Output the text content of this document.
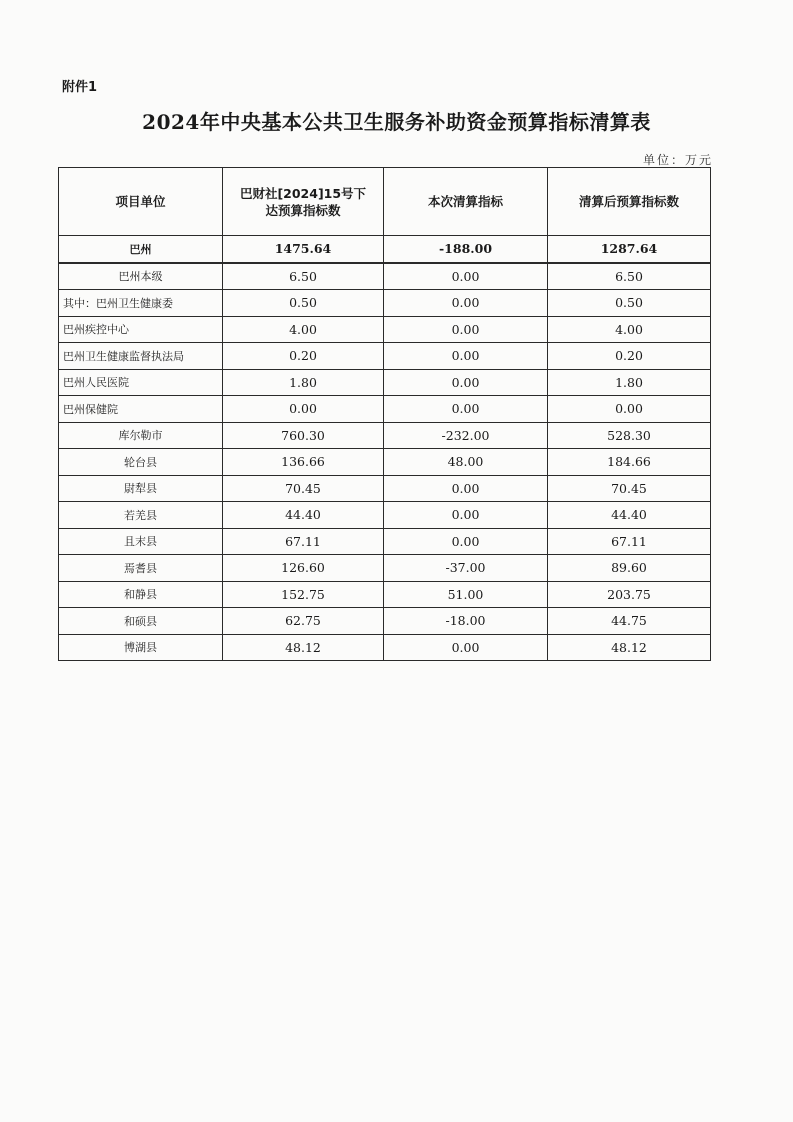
附件1
2024年中央基本公共卫生服务补助资金预算指标清算表
单位：万元
项目单位	巴财社[2024]15号下达预算指标数	本次清算指标	清算后预算指标数
巴州	1475.64	-188.00	1287.64
巴州本级	6.50	0.00	6.50
其中：巴州卫生健康委	0.50	0.00	0.50
巴州疾控中心	4.00	0.00	4.00
巴州卫生健康监督执法局	0.20	0.00	0.20
巴州人民医院	1.80	0.00	1.80
巴州保健院	0.00	0.00	0.00
库尔勒市	760.30	-232.00	528.30
轮台县	136.66	48.00	184.66
尉犁县	70.45	0.00	70.45
若羌县	44.40	0.00	44.40
且末县	67.11	0.00	67.11
焉耆县	126.60	-37.00	89.60
和静县	152.75	51.00	203.75
和硕县	62.75	-18.00	44.75
博湖县	48.12	0.00	48.12
